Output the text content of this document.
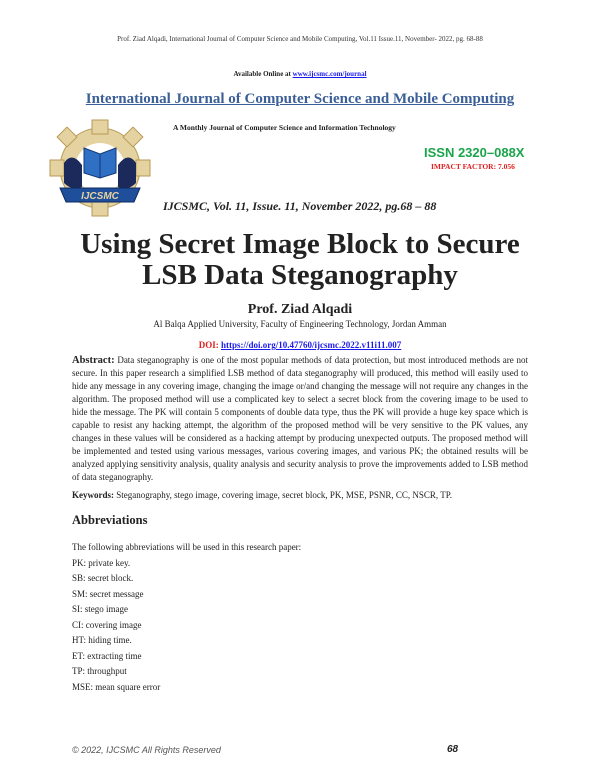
Prof. Ziad Alqadi, International Journal of Computer Science and Mobile Computing, Vol.11 Issue.11, November- 2022, pg. 68-88
Available Online at www.ijcsmc.com/journal
International Journal of Computer Science and Mobile Computing
A Monthly Journal of Computer Science and Information Technology
IJCSMC
ISSN 2320–088X
IMPACT FACTOR: 7.056
IJCSMC, Vol. 11, Issue. 11, November 2022, pg.68 – 88
Using Secret Image Block to Secure
LSB Data Steganography
Prof. Ziad Alqadi
Al Balqa Applied University, Faculty of Engineering Technology, Jordan Amman
DOI: https://doi.org/10.47760/ijcsmc.2022.v11i11.007
Abstract: Data steganography is one of the most popular methods of data protection, but most introduced methods are not secure. In this paper research a simplified LSB method of data steganography will produced, this method will easily used to hide any message in any covering image, changing the image or/and changing the message will not require any changes in the algorithm. The proposed method will use a complicated key to select a secret block from the covering image to be used to hide the message. The PK will contain 5 components of double data type, thus the PK will provide a huge key space which is capable to resist any hacking attempt, the algorithm of the proposed method will be very sensitive to the PK values, any changes in these values will be considered as a hacking attempt by producing unexpected outputs. The proposed method will be implemented and tested using various messages, various covering images, and various PK; the obtained results will be analyzed applying sensitivity analysis, quality analysis and security analysis to prove the improvements added to LSB method of data steganography.
Keywords: Steganography, stego image, covering image, secret block, PK, MSE, PSNR, CC, NSCR, TP.
Abbreviations
The following abbreviations will be used in this research paper:
PK: private key.
SB: secret block.
SM: secret message
SI: stego image
CI: covering image
HT: hiding time.
ET: extracting time
TP: throughput
MSE: mean square error
© 2022, IJCSMC All Rights Reserved	68
